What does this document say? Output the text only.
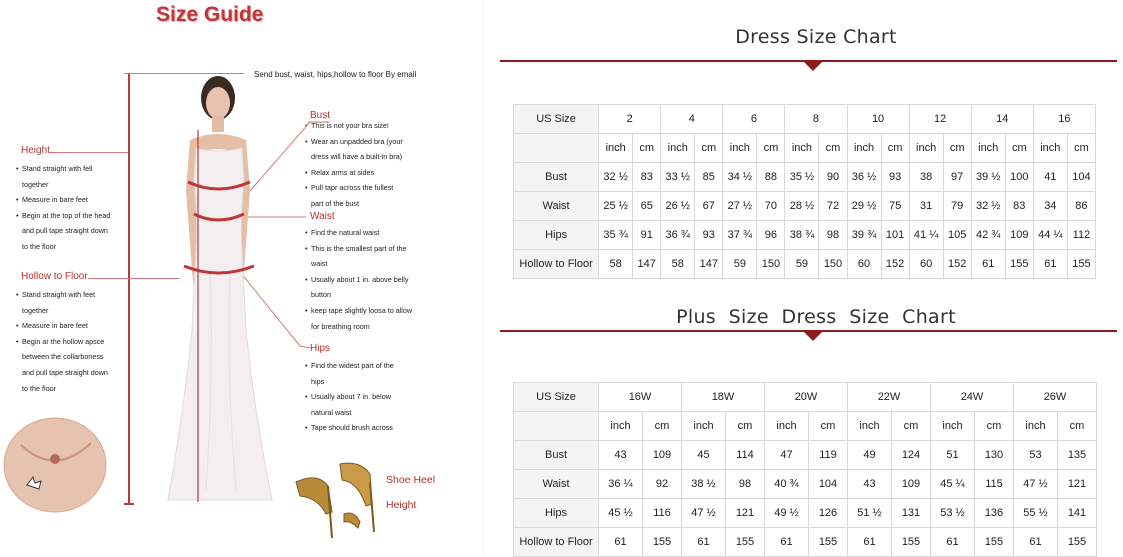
Size Guide
Send bust, waist, hips,hollow to floor By email
Height
• Stand straight with fell
together
• Measure in bare feet
• Begin at the top of the head
and pull tape straight down
to the floor
Hollow to Floor
• Stand straight with feet
together
• Measure in bare feet
• Begin ar the hollow apsce
between the collarboness
and pull tape straight down
to the floor
Bust
• This is not your bra size!
• Wear an unpadded bra (your
dress will have a built-in bra)
• Relax arms at sides
• Pull tapr across the fullest
part of the bust
Waist
• Find the natural waist
• This is the smallest part of the
waist
• Usually about 1 in. above belly
button
• keep tape slightly loosa to allow
for breathing room
Hips
• Find the widest part of the
hips
• Usually about 7 in. below
natural waist
• Tape should brush across
Shoe Heel
Height
Dress Size Chart
US Size	2		4		6		8		10		12		14		16	
	inch	cm	inch	cm	inch	cm	inch	cm	inch	cm	inch	cm	inch	cm	inch	cm
Bust	32 ½	83	33 ½	85	34 ½	88	35 ½	90	36 ½	93	38	97	39 ½	100	41	104
Waist	25 ½	65	26 ½	67	27 ½	70	28 ½	72	29 ½	75	31	79	32 ½	83	34	86
Hips	35 ¾	91	36 ¾	93	37 ¾	96	38 ¾	98	39 ¾	101	41 ¼	105	42 ¾	109	44 ¼	112
Hollow to Floor	58	147	58	147	59	150	59	150	60	152	60	152	61	155	61	155
Plus  Size  Dress  Size  Chart
US Size	16W		18W		20W		22W		24W		26W	
	inch	cm	inch	cm	inch	cm	inch	cm	inch	cm	inch	cm
Bust	43	109	45	114	47	119	49	124	51	130	53	135
Waist	36 ¼	92	38 ½	98	40 ¾	104	43	109	45 ¼	115	47 ½	121
Hips	45 ½	116	47 ½	121	49 ½	126	51 ½	131	53 ½	136	55 ½	141
Hollow to Floor	61	155	61	155	61	155	61	155	61	155	61	155
